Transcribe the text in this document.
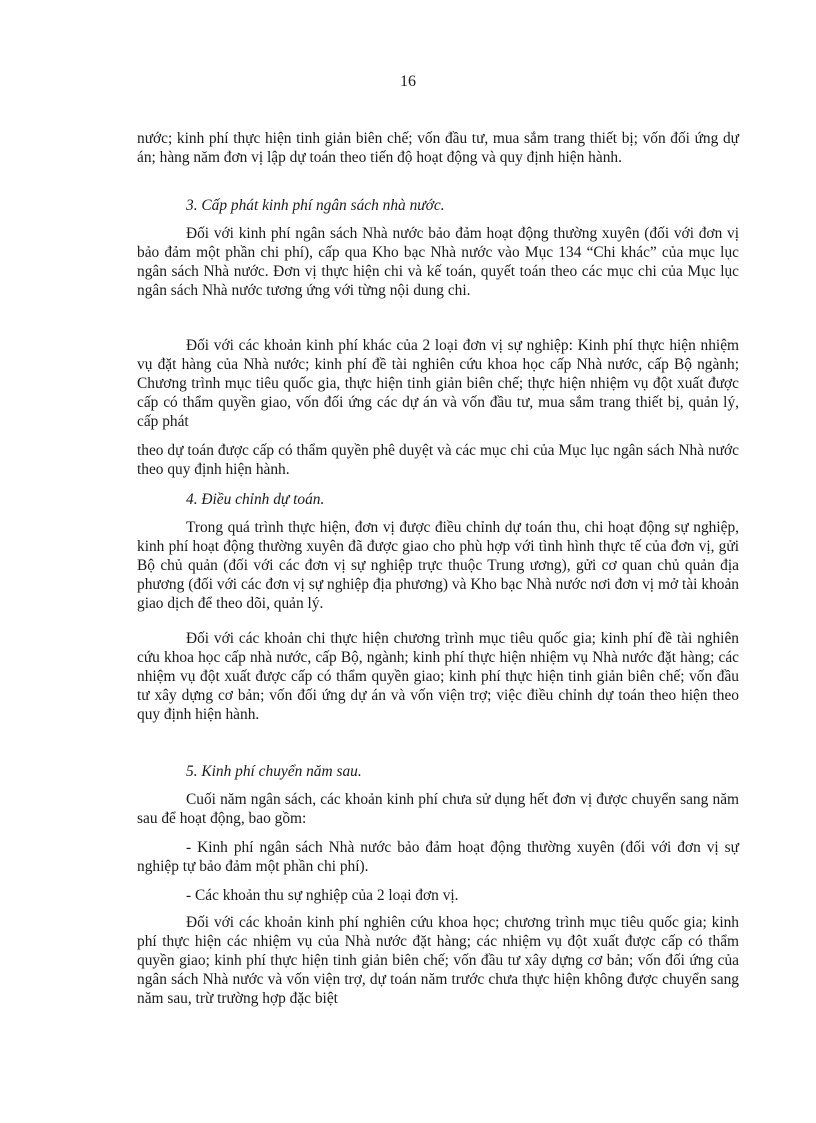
16

nước; kinh phí thực hiện tinh giản biên chế; vốn đầu tư, mua sắm trang thiết bị; vốn đối ứng dự án; hàng năm đơn vị lập dự toán theo tiến độ hoạt động và quy định hiện hành.

3. Cấp phát kinh phí ngân sách nhà nước.

Đối với kinh phí ngân sách Nhà nước bảo đảm hoạt động thường xuyên (đối với đơn vị bảo đảm một phần chi phí), cấp qua Kho bạc Nhà nước vào Mục 134 “Chi khác” của mục lục ngân sách Nhà nước. Đơn vị thực hiện chi và kế toán, quyết toán theo các mục chi của Mục lục ngân sách Nhà nước tương ứng với từng nội dung chi.

Đối với các khoản kinh phí khác của 2 loại đơn vị sự nghiệp: Kinh phí thực hiện nhiệm vụ đặt hàng của Nhà nước; kinh phí đề tài nghiên cứu khoa học cấp Nhà nước, cấp Bộ ngành; Chương trình mục tiêu quốc gia, thực hiện tinh giản biên chế; thực hiện nhiệm vụ đột xuất được cấp có thẩm quyền giao, vốn đối ứng các dự án và vốn đầu tư, mua sắm trang thiết bị, quản lý, cấp phát

theo dự toán được cấp có thẩm quyền phê duyệt và các mục chi của Mục lục ngân sách Nhà nước theo quy định hiện hành.

4. Điều chỉnh dự toán.

Trong quá trình thực hiện, đơn vị được điều chỉnh dự toán thu, chi hoạt động sự nghiệp, kinh phí hoạt động thường xuyên đã được giao cho phù hợp với tình hình thực tế của đơn vị, gửi Bộ chủ quản (đối với các đơn vị sự nghiệp trực thuộc Trung ương), gửi cơ quan chủ quản địa phương (đối với các đơn vị sự nghiệp địa phương) và Kho bạc Nhà nước nơi đơn vị mở tài khoản giao dịch để theo dõi, quản lý.

Đối với các khoản chi thực hiện chương trình mục tiêu quốc gia; kinh phí đề tài nghiên cứu khoa học cấp nhà nước, cấp Bộ, ngành; kinh phí thực hiện nhiệm vụ Nhà nước đặt hàng; các nhiệm vụ đột xuất được cấp có thẩm quyền giao; kinh phí thực hiện tinh giản biên chế; vốn đầu tư xây dựng cơ bản; vốn đối ứng dự án và vốn viện trợ; việc điều chỉnh dự toán theo hiện theo quy định hiện hành.

5. Kinh phí chuyển năm sau.

Cuối năm ngân sách, các khoản kinh phí chưa sử dụng hết đơn vị được chuyển sang năm sau để hoạt động, bao gồm:

- Kinh phí ngân sách Nhà nước bảo đảm hoạt động thường xuyên (đối với đơn vị sự nghiệp tự bảo đảm một phần chi phí).

- Các khoản thu sự nghiệp của 2 loại đơn vị.

Đối với các khoản kinh phí nghiên cứu khoa học; chương trình mục tiêu quốc gia; kinh phí thực hiện các nhiệm vụ của Nhà nước đặt hàng; các nhiệm vụ đột xuất được cấp có thẩm quyền giao; kinh phí thực hiện tinh giản biên chế; vốn đầu tư xây dựng cơ bản; vốn đối ứng của ngân sách Nhà nước và vốn viện trợ, dự toán năm trước chưa thực hiện không được chuyển sang năm sau, trừ trường hợp đặc biệt
